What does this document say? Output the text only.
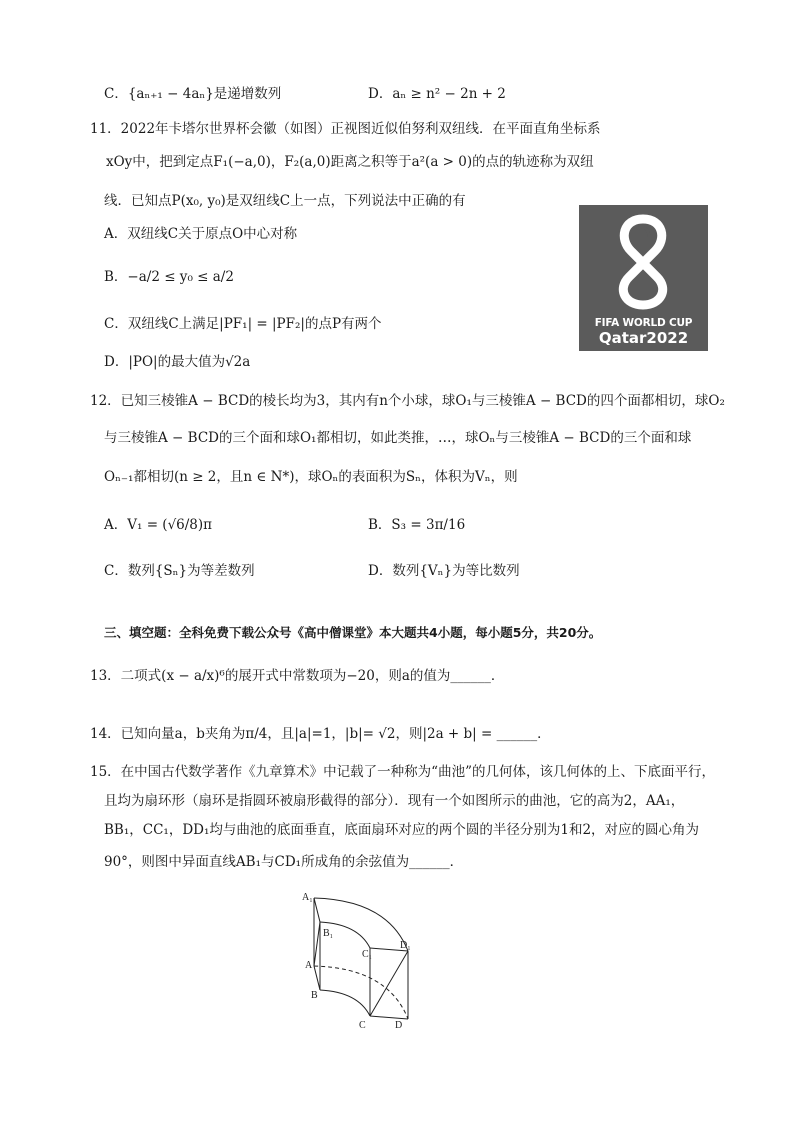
C．{aₙ₊₁ − 4aₙ}是递增数列	D．aₙ ≥ n² − 2n + 2
11．2022年卡塔尔世界杯会徽（如图）正视图近似伯努利双纽线．在平面直角坐标系
xOy中，把到定点F₁(−a,0)，F₂(a,0)距离之积等于a²(a > 0)的点的轨迹称为双纽
线．已知点P(x₀, y₀)是双纽线C上一点，下列说法中正确的有
A．双纽线C关于原点O中心对称
B．−a/2 ≤ y₀ ≤ a/2
C．双纽线C上满足|PF₁| = |PF₂|的点P有两个
D．|PO|的最大值为√2a
FIFA WORLD CUP
Qatar2022
12．已知三棱锥A − BCD的棱长均为3，其内有n个小球，球O₁与三棱锥A − BCD的四个面都相切，球O₂
与三棱锥A − BCD的三个面和球O₁都相切，如此类推，…，球Oₙ与三棱锥A − BCD的三个面和球
Oₙ₋₁都相切(n ≥ 2，且n ∈ N*)，球Oₙ的表面积为Sₙ，体积为Vₙ，则
A．V₁ = (√6/8)π	B．S₃ = 3π/16
C．数列{Sₙ}为等差数列	D．数列{Vₙ}为等比数列
三、填空题：全科免费下载公众号《高中僧课堂》本大题共4小题，每小题5分，共20分。
13．二项式(x − a/x)⁶的展开式中常数项为−20，则a的值为______．
14．已知向量a，b夹角为π/4，且|a|=1，|b|= √2，则|2a + b| = ______．
15．在中国古代数学著作《九章算术》中记载了一种称为“曲池”的几何体，该几何体的上、下底面平行，
且均为扇环形（扇环是指圆环被扇形截得的部分）．现有一个如图所示的曲池，它的高为2，AA₁，
BB₁，CC₁，DD₁均与曲池的底面垂直，底面扇环对应的两个圆的半径分别为1和2，对应的圆心角为
90°，则图中异面直线AB₁与CD₁所成角的余弦值为______．
A₁
B₁
C₁
D₁
A
B
C	D
